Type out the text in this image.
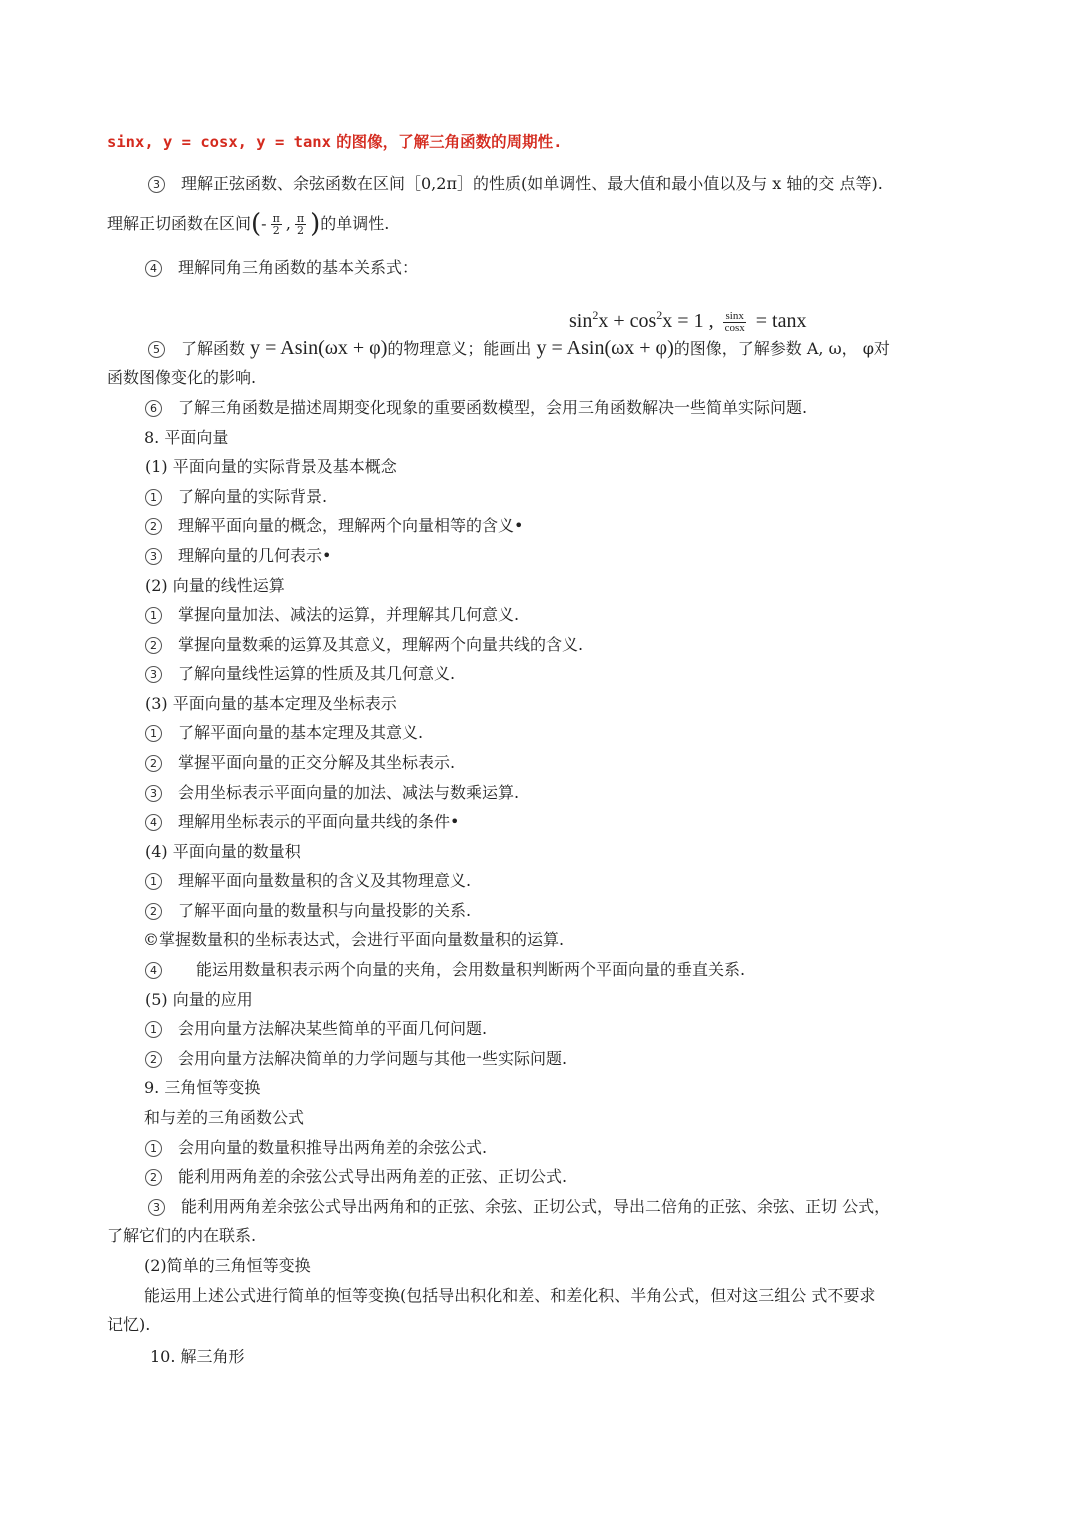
sinx, y = cosx, y = tanx 的图像，了解三角函数的周期性.
3 理解正弦函数、余弦函数在区间［0,2π］的性质(如单调性、最大值和最小值以及与 x 轴的交 点等).
理解正切函数在区间(- $\frac{\pi}{2}$ , $\frac{\pi}{2}$ )的单调性.
4 理解同角三角函数的基本关系式：
$\sin^2x + \cos^2x = 1$ , $\frac{\sin x}{\cos x} = \tan x$
5 了解函数 y = Asin(ωx + φ)的物理意义；能画出 y = Asin(ωx + φ)的图像，了解参数 A, ω， φ对
函数图像变化的影响.
6 了解三角函数是描述周期变化现象的重要函数模型，会用三角函数解决一些简单实际问题.
8. 平面向量
(1) 平面向量的实际背景及基本概念
1 了解向量的实际背景.
2 理解平面向量的概念，理解两个向量相等的含义•
3 理解向量的几何表示•
(2) 向量的线性运算
1 掌握向量加法、减法的运算，并理解其几何意义.
2 掌握向量数乘的运算及其意义，理解两个向量共线的含义.
3 了解向量线性运算的性质及其几何意义.
(3) 平面向量的基本定理及坐标表示
1 了解平面向量的基本定理及其意义.
2 掌握平面向量的正交分解及其坐标表示.
3 会用坐标表示平面向量的加法、减法与数乘运算.
4 理解用坐标表示的平面向量共线的条件•
(4) 平面向量的数量积
1 理解平面向量数量积的含义及其物理意义.
2 了解平面向量的数量积与向量投影的关系.
©掌握数量积的坐标表达式，会进行平面向量数量积的运算.
4 能运用数量积表示两个向量的夹角，会用数量积判断两个平面向量的垂直关系.
(5) 向量的应用
1 会用向量方法解决某些简单的平面几何问题.
2 会用向量方法解决简单的力学问题与其他一些实际问题.
9. 三角恒等变换
和与差的三角函数公式
1 会用向量的数量积推导出两角差的余弦公式.
2 能利用两角差的余弦公式导出两角差的正弦、正切公式.
3 能利用两角差余弦公式导出两角和的正弦、余弦、正切公式，导出二倍角的正弦、余弦、正切 公式，
了解它们的内在联系.
(2)简单的三角恒等变换
能运用上述公式进行简单的恒等变换(包括导出积化和差、和差化积、半角公式，但对这三组公 式不要求
记忆).
10. 解三角形
